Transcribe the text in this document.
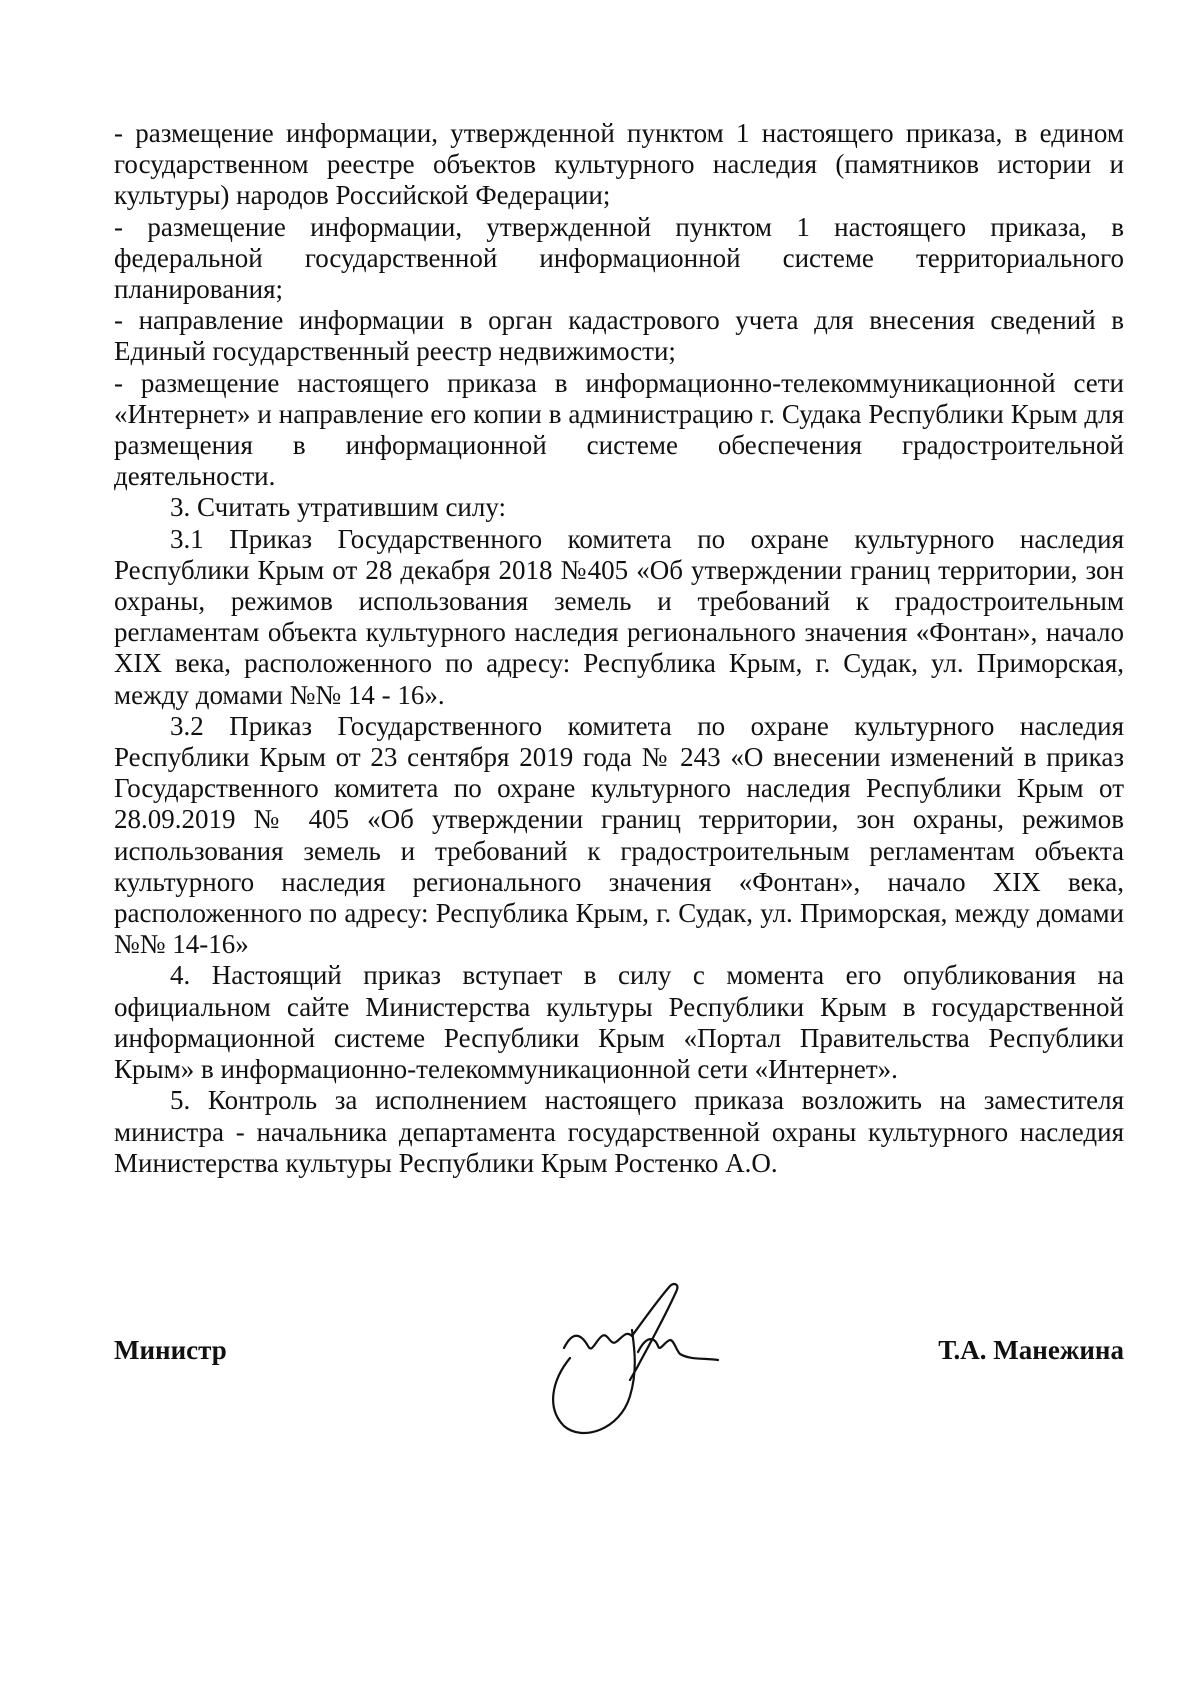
- размещение информации, утвержденной пунктом 1 настоящего приказа, в едином государственном реестре объектов культурного наследия (памятников истории и культуры) народов Российской Федерации;

- размещение информации, утвержденной пунктом 1 настоящего приказа, в федеральной государственной информационной системе территориального планирования;

- направление информации в орган кадастрового учета для внесения сведений в Единый государственный реестр недвижимости;

- размещение настоящего приказа в информационно-телекоммуникационной сети «Интернет» и направление его копии в администрацию г. Судака Республики Крым для размещения в информационной системе обеспечения градостроительной деятельности.

3. Считать утратившим силу:

3.1 Приказ Государственного комитета по охране культурного наследия Республики Крым от 28 декабря 2018 №405 «Об утверждении границ территории, зон охраны, режимов использования земель и требований к градостроительным регламентам объекта культурного наследия регионального значения «Фонтан», начало XIX века, расположенного по адресу: Республика Крым, г. Судак, ул. Приморская, между домами №№ 14 - 16».

3.2 Приказ Государственного комитета по охране культурного наследия Республики Крым от 23 сентября 2019 года № 243 «О внесении изменений в приказ Государственного комитета по охране культурного наследия Республики Крым от 28.09.2019 № 405 «Об утверждении границ территории, зон охраны, режимов использования земель и требований к градостроительным регламентам объекта культурного наследия регионального значения «Фонтан», начало XIX века, расположенного по адресу: Республика Крым, г. Судак, ул. Приморская, между домами №№ 14-16»

4. Настоящий приказ вступает в силу с момента его опубликования на официальном сайте Министерства культуры Республики Крым в государственной информационной системе Республики Крым «Портал Правительства Республики Крым» в информационно-телекоммуникационной сети «Интернет».

5. Контроль за исполнением настоящего приказа возложить на заместителя министра - начальника департамента государственной охраны культурного наследия Министерства культуры Республики Крым Ростенко А.О.

Министр	Т.А. Манежина
